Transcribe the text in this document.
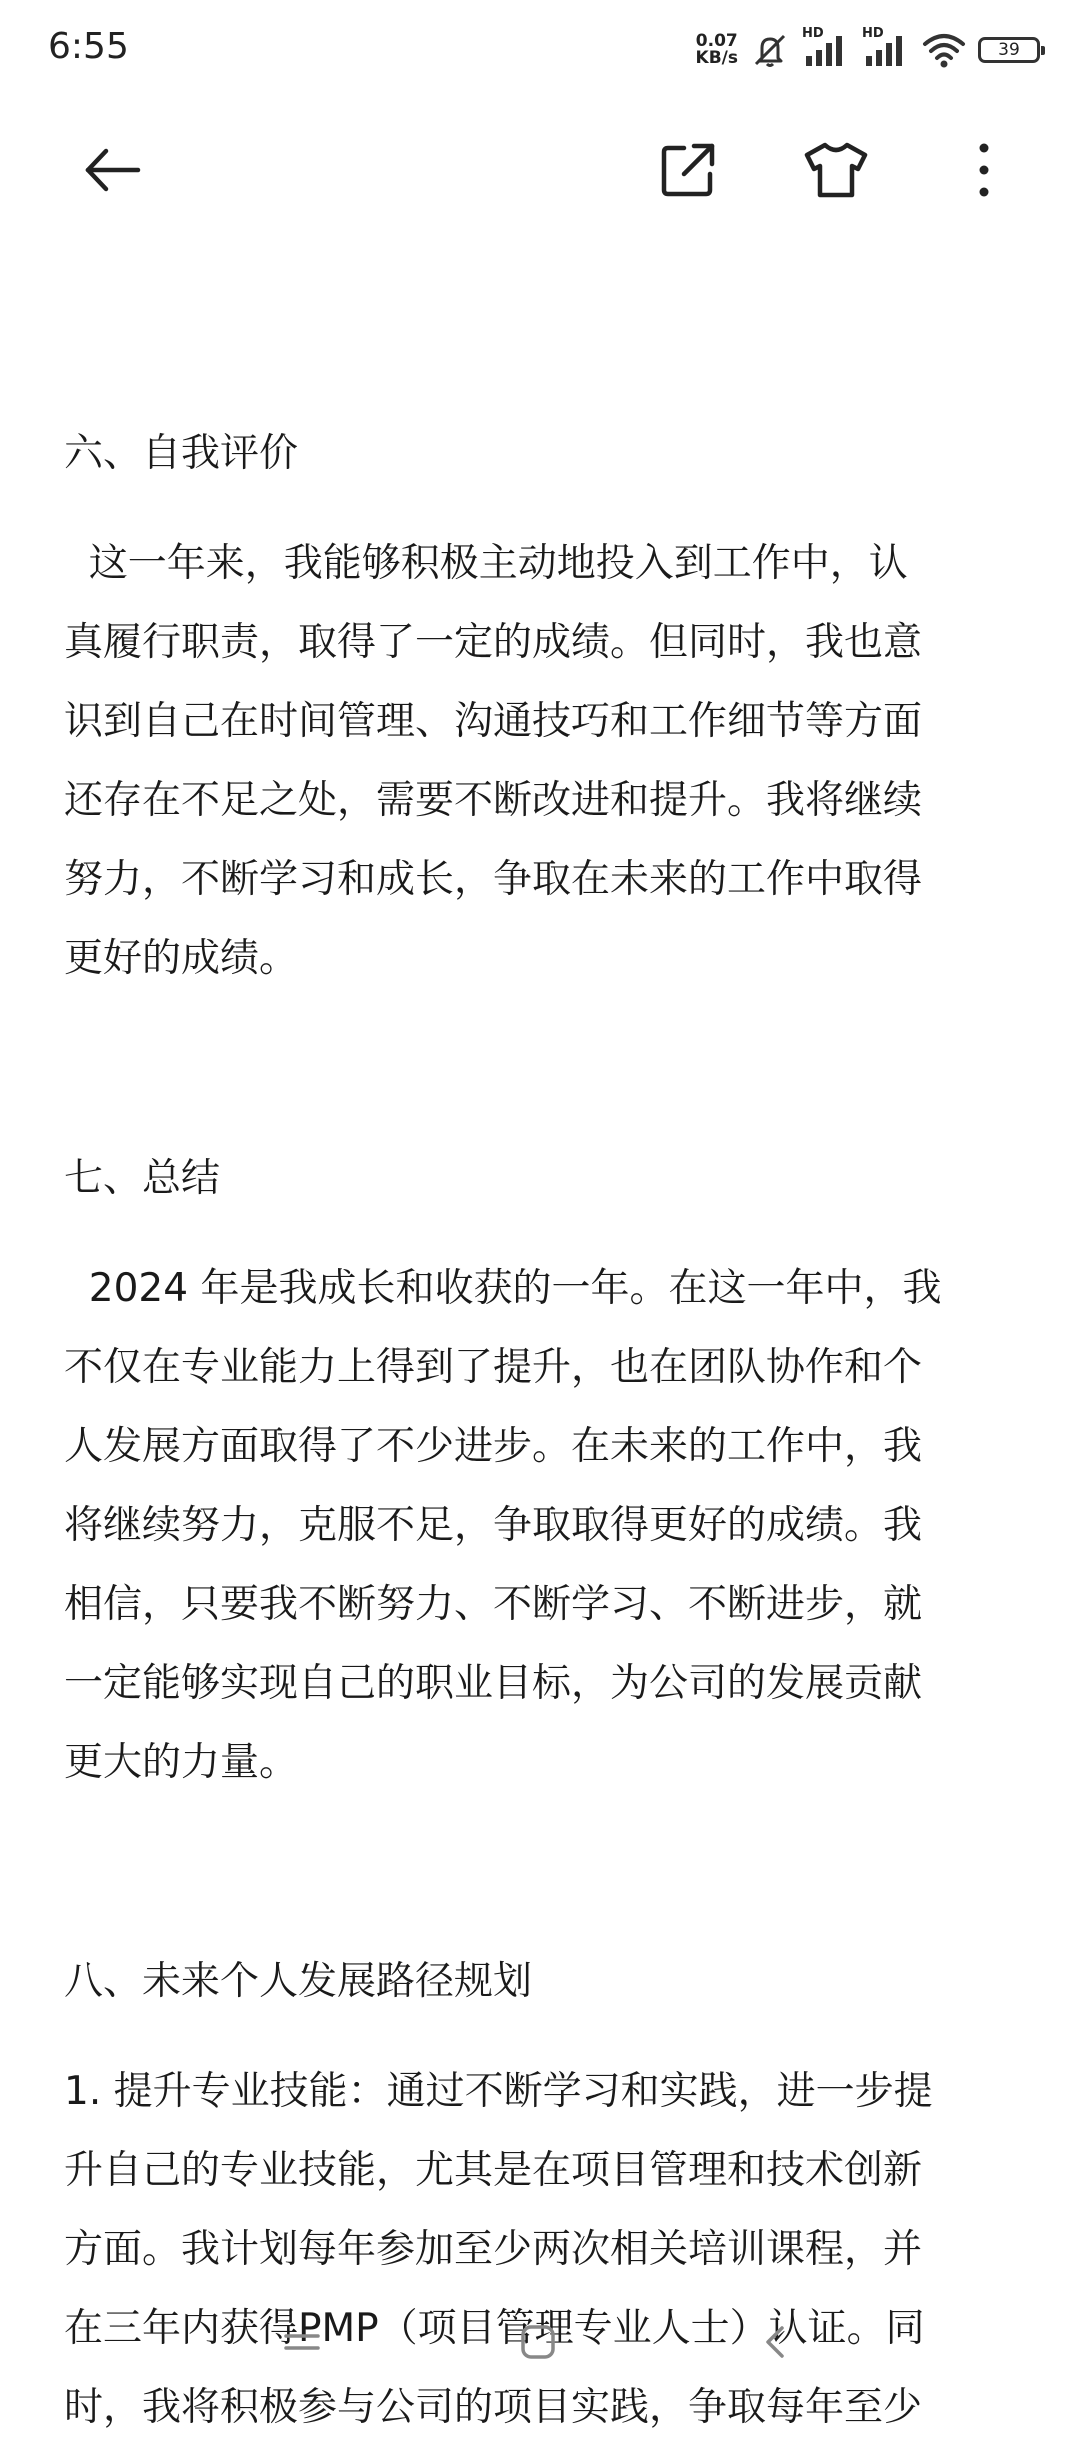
6:55	0.07
KB/s
HD	HD
39

六、自我评价
这一年来，我能够积极主动地投入到工作中，认
真履行职责，取得了一定的成绩。但同时，我也意
识到自己在时间管理、沟通技巧和工作细节等方面
还存在不足之处，需要不断改进和提升。我将继续
努力，不断学习和成长，争取在未来的工作中取得
更好的成绩。
七、总结
2024 年是我成长和收获的一年。在这一年中，我
不仅在专业能力上得到了提升，也在团队协作和个
人发展方面取得了不少进步。在未来的工作中，我
将继续努力，克服不足，争取取得更好的成绩。我
相信，只要我不断努力、不断学习、不断进步，就
一定能够实现自己的职业目标，为公司的发展贡献
更大的力量。
八、未来个人发展路径规划
1. 提升专业技能：通过不断学习和实践，进一步提
升自己的专业技能，尤其是在项目管理和技术创新
方面。我计划每年参加至少两次相关培训课程，并
在三年内获得PMP（项目管理专业人士）认证。同
时，我将积极参与公司的项目实践，争取每年至少
